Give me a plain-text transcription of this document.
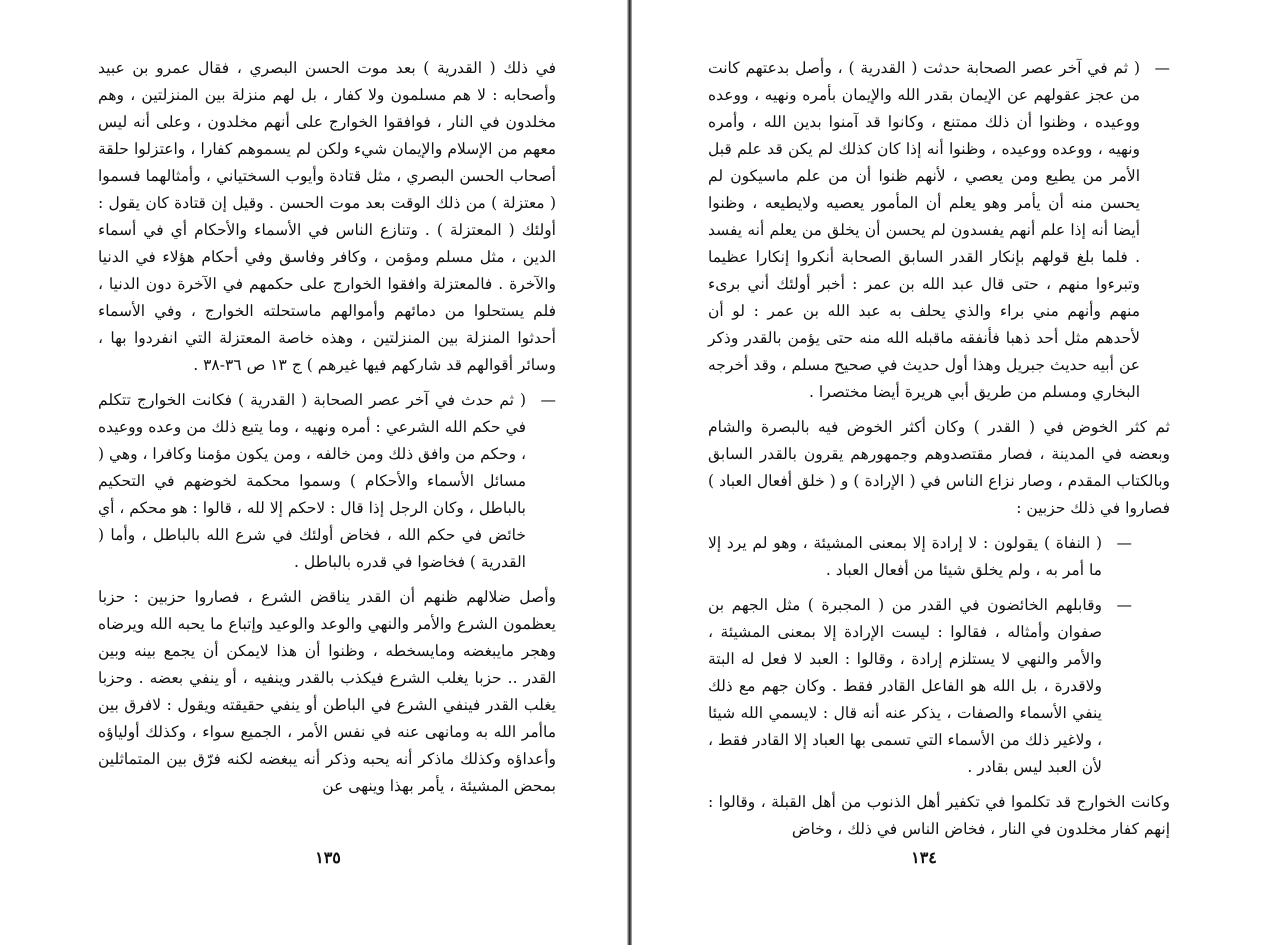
في ذلك ( القدرية ) بعد موت الحسن البصري ، فقال عمرو بن عبيد وأصحابه : لا هم مسلمون ولا كفار ، بل لهم منزلة بين المنزلتين ، وهم مخلدون في النار ، فوافقوا الخوارج على أنهم مخلدون ، وعلى أنه ليس معهم من الإسلام والإيمان شيء ولكن لم يسموهم كفارا ، واعتزلوا حلقة أصحاب الحسن البصري ، مثل قتادة وأيوب السختياني ، وأمثالهما فسموا ( معتزلة ) من ذلك الوقت بعد موت الحسن . وقيل إن قتادة كان يقول : أولئك ( المعتزلة ) . وتنازع الناس في الأسماء والأحكام أي في أسماء الدين ، مثل مسلم ومؤمن ، وكافر وفاسق وفي أحكام هؤلاء في الدنيا والآخرة . فالمعتزلة وافقوا الخوارج على حكمهم في الآخرة دون الدنيا ، فلم يستحلوا من دمائهم وأموالهم ماستحلته الخوارج ، وفي الأسماء أحدثوا المنزلة بين المنزلتين ، وهذه خاصة المعتزلة التي انفردوا بها ، وسائر أقوالهم قد شاركهم فيها غيرهم ) ج ١٣ ص ٣٦-٣٨ .

— ( ثم حدث في آخر عصر الصحابة ( القدرية ) فكانت الخوارج تتكلم في حكم الله الشرعي : أمره ونهيه ، وما يتبع ذلك من وعده ووعيده ، وحكم من وافق ذلك ومن خالفه ، ومن يكون مؤمنا وكافرا ، وهي ( مسائل الأسماء والأحكام ) وسموا محكمة لخوضهم في التحكيم بالباطل ، وكان الرجل إذا قال : لاحكم إلا لله ، قالوا : هو محكم ، أي خائض في حكم الله ، فخاض أولئك في شرع الله بالباطل ، وأما ( القدرية ) فخاضوا في قدره بالباطل .

وأصل ضلالهم ظنهم أن القدر يناقض الشرع ، فصاروا حزبين : حزبا يعظمون الشرع والأمر والنهي والوعد والوعيد وإتباع ما يحبه الله ويرضاه وهجر مايبغضه ومايسخطه ، وظنوا أن هذا لايمكن أن يجمع بينه وبين القدر .. حزبا يغلب الشرع فيكذب بالقدر وينفيه ، أو ينفي بعضه . وحزبا يغلب القدر فينفي الشرع في الباطن أو ينفي حقيقته ويقول : لافرق بين ماأمر الله به ومانهى عنه في نفس الأمر ، الجميع سواء ، وكذلك أولياؤه وأعداؤه وكذلك ماذكر أنه يحبه وذكر أنه يبغضه لكنه فرّق بين المتماثلين بمحض المشيئة ، يأمر بهذا وينهى عن

١٣٥

— ( ثم في آخر عصر الصحابة حدثت ( القدرية ) ، وأصل بدعتهم كانت من عجز عقولهم عن الإيمان بقدر الله والإيمان بأمره ونهيه ، ووعده ووعيده ، وظنوا أن ذلك ممتنع ، وكانوا قد آمنوا بدين الله ، وأمره ونهيه ، ووعده ووعيده ، وظنوا أنه إذا كان كذلك لم يكن قد علم قبل الأمر من يطيع ومن يعصي ، لأنهم ظنوا أن من علم ماسيكون لم يحسن منه أن يأمر وهو يعلم أن المأمور يعصيه ولايطيعه ، وظنوا أيضا أنه إذا علم أنهم يفسدون لم يحسن أن يخلق من يعلم أنه يفسد . فلما بلغ قولهم بإنكار القدر السابق الصحابة أنكروا إنكارا عظيما وتبرءوا منهم ، حتى قال عبد الله بن عمر : أخبر أولئك أني برىء منهم وأنهم مني براء والذي يحلف به عبد الله بن عمر : لو أن لأحدهم مثل أحد ذهبا فأنفقه ماقبله الله منه حتى يؤمن بالقدر وذكر عن أبيه حديث جبريل وهذا أول حديث في صحيح مسلم ، وقد أخرجه البخاري ومسلم من طريق أبي هريرة أيضا مختصرا .

ثم كثر الخوض في ( القدر ) وكان أكثر الخوض فيه بالبصرة والشام وبعضه في المدينة ، فصار مقتصدوهم وجمهورهم يقرون بالقدر السابق وبالكتاب المقدم ، وصار نزاع الناس في ( الإرادة ) و ( خلق أفعال العباد ) فصاروا في ذلك حزبين :

— ( النفاة ) يقولون : لا إرادة إلا بمعنى المشيئة ، وهو لم يرد إلا ما أمر به ، ولم يخلق شيئا من أفعال العباد .

— وقابلهم الخائضون في القدر من ( المجبرة ) مثل الجهم بن صفوان وأمثاله ، فقالوا : ليست الإرادة إلا بمعنى المشيئة ، والأمر والنهي لا يستلزم إرادة ، وقالوا : العبد لا فعل له البتة ولاقدرة ، بل الله هو الفاعل القادر فقط . وكان جهم مع ذلك ينفي الأسماء والصفات ، يذكر عنه أنه قال : لايسمي الله شيئا ، ولاغير ذلك من الأسماء التي تسمى بها العباد إلا القادر فقط ، لأن العبد ليس بقادر .

وكانت الخوارج قد تكلموا في تكفير أهل الذنوب من أهل القبلة ، وقالوا : إنهم كفار مخلدون في النار ، فخاض الناس في ذلك ، وخاض

١٣٤
